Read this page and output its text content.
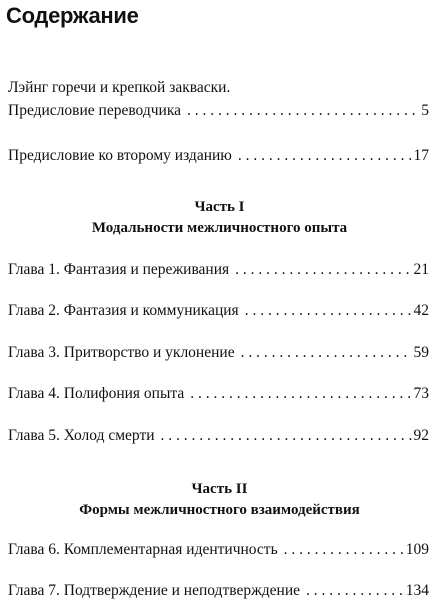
Содержание
Лэйнг горечи и крепкой закваски.
Предисловие переводчика . . .	5
Предисловие ко второму изданию . . .	17
Часть I
Модальности межличностного опыта
Глава 1. Фантазия и переживания . . .	21
Глава 2. Фантазия и коммуникация . . .	42
Глава 3. Притворство и уклонение . . .	59
Глава 4. Полифония опыта . . .	73
Глава 5. Холод смерти . . .	92
Часть II
Формы межличностного взаимодействия
Глава 6. Комплементарная идентичность . . .	109
Глава 7. Подтверждение и неподтверждение . . .	134
